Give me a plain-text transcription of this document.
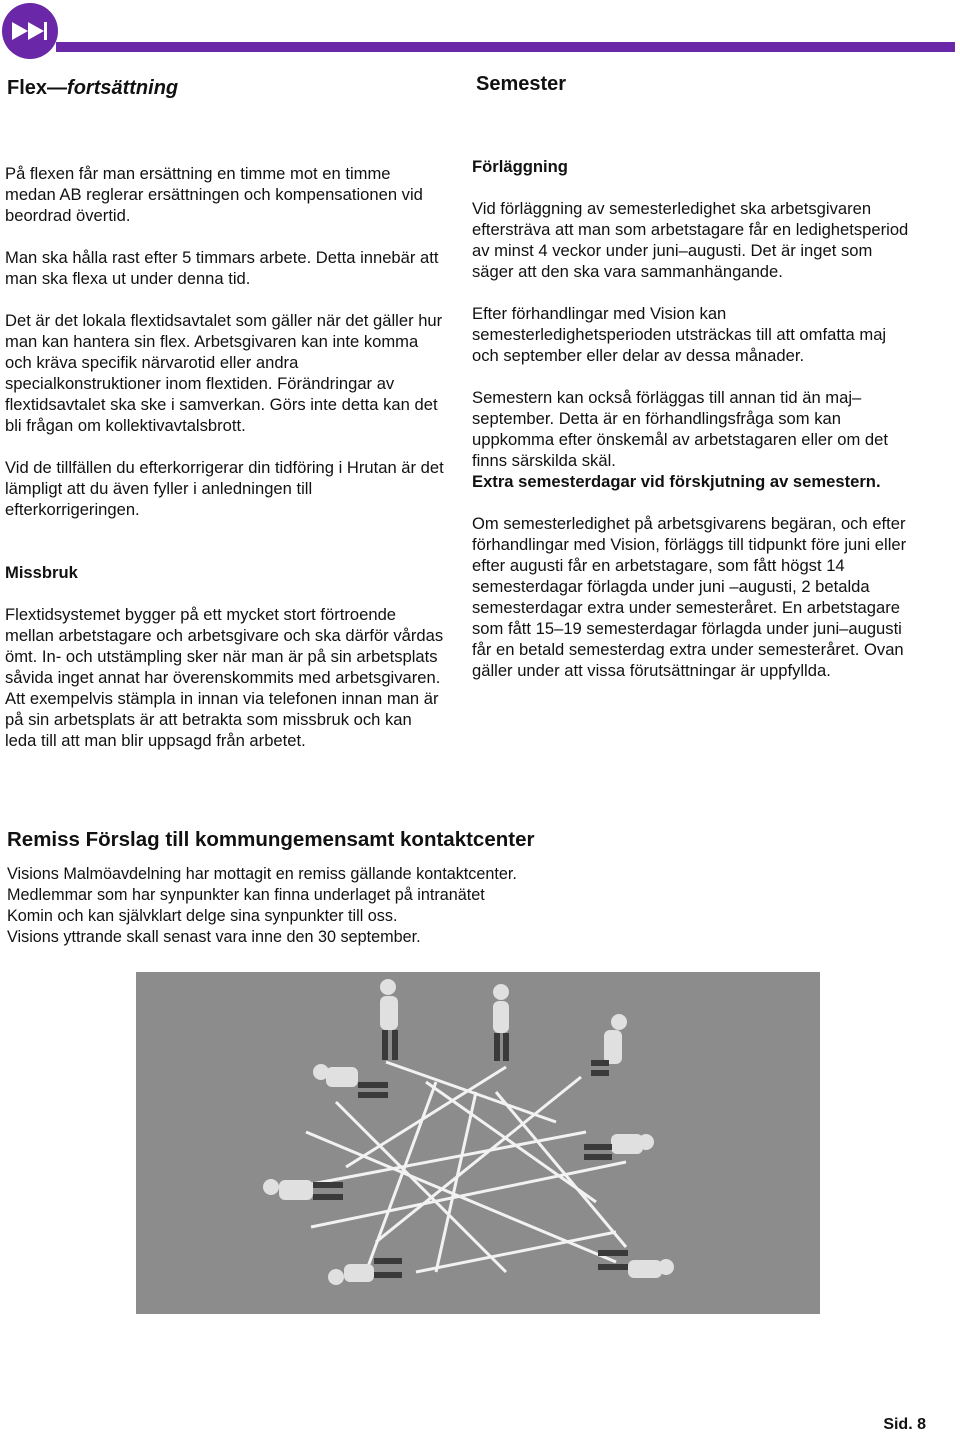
Flex—fortsättning	Semester

På flexen får man ersättning en timme mot en timme medan AB reglerar ersättningen och kompensationen vid beordrad övertid.

Man ska hålla rast efter 5 timmars arbete. Detta innebär att man ska flexa ut under denna tid.

Det är det lokala flextidsavtalet som gäller när det gäller hur man kan hantera sin flex. Arbetsgivaren kan inte komma och kräva specifik närvarotid eller andra specialkonstruktioner inom flextiden. Förändringar av flextidsavtalet ska ske i samverkan. Görs inte detta kan det bli frågan om kollektivavtalsbrott.

Vid de tillfällen du efterkorrigerar din tidföring i Hrutan är det lämpligt att du även fyller i anledningen till efterkorrigeringen.

Missbruk

Flextidsystemet bygger på ett mycket stort förtroende mellan arbetstagare och arbetsgivare och ska därför vårdas ömt. In- och utstämpling sker när man är på sin arbetsplats såvida inget annat har överenskommits med arbetsgivaren. Att exempelvis stämpla in innan via telefonen innan man är på sin arbetsplats är att betrakta som missbruk och kan leda till att man blir uppsagd från arbetet.

Förläggning

Vid förläggning av semesterledighet ska arbetsgivaren eftersträva att man som arbetstagare får en ledighetsperiod av minst 4 veckor under juni–augusti. Det är inget som säger att den ska vara sammanhängande.

Efter förhandlingar med Vision kan semesterledighetsperioden utsträckas till att omfatta maj och september eller delar av dessa månader.

Semestern kan också förläggas till annan tid än maj–september. Detta är en förhandlingsfråga som kan uppkomma efter önskemål av arbetstagaren eller om det finns särskilda skäl.

Extra semesterdagar vid förskjutning av semestern.

Om semesterledighet på arbetsgivarens begäran, och efter förhandlingar med Vision, förläggs till tidpunkt före juni eller efter augusti får en arbetstagare, som fått högst 14 semesterdagar förlagda under juni –augusti, 2 betalda semesterdagar extra under semesteråret. En arbetstagare som fått 15–19 semesterdagar förlagda under juni–augusti får en betald semesterdag extra under semesteråret. Ovan gäller under att vissa förutsättningar är uppfyllda.

Remiss Förslag till kommungemensamt kontaktcenter

Visions Malmöavdelning har mottagit en remiss gällande kontaktcenter.

Medlemmar som har synpunkter kan finna underlaget på intranätet

Komin och kan självklart delge sina synpunkter till oss.

Visions yttrande skall senast vara inne den 30 september.

Sid. 8
